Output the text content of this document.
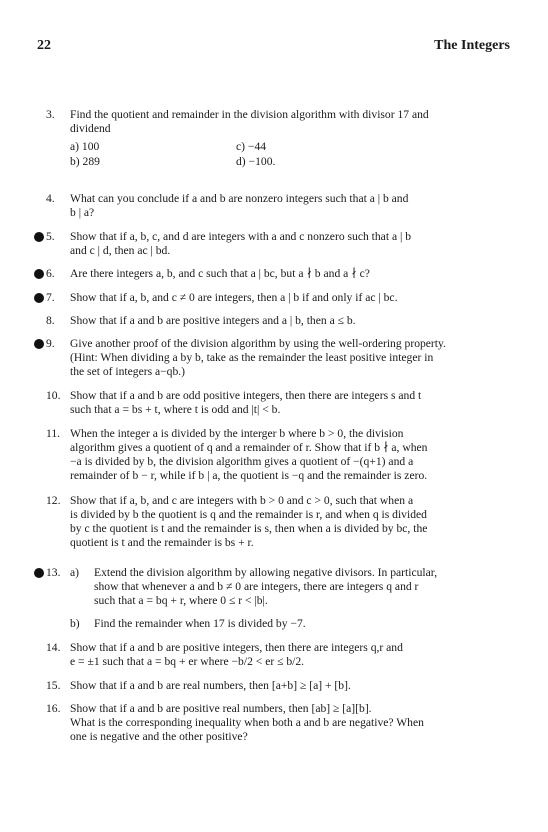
22	The Integers
3.	Find the quotient and remainder in the division algorithm with divisor 17 and
dividend
a) 100	c) −44
b) 289	d) −100.
4.	What can you conclude if a and b are nonzero integers such that a | b and
b | a?
5.	Show that if a, b, c, and d are integers with a and c nonzero such that a | b
and c | d, then ac | bd.
6.	Are there integers a, b, and c such that a | bc, but a ∤ b and a ∤ c?
7.	Show that if a, b, and c ≠ 0 are integers, then a | b if and only if ac | bc.
8.	Show that if a and b are positive integers and a | b, then a ≤ b.
9.	Give another proof of the division algorithm by using the well-ordering property.
(Hint: When dividing a by b, take as the remainder the least positive integer in
the set of integers a−qb.)
10. Show that if a and b are odd positive integers, then there are integers s and t
such that a = bs + t, where t is odd and |t| < b.
11. When the integer a is divided by the interger b where b > 0, the division
algorithm gives a quotient of q and a remainder of r. Show that if b ∤ a, when
−a is divided by b, the division algorithm gives a quotient of −(q+1) and a
remainder of b − r, while if b | a, the quotient is −q and the remainder is zero.
12. Show that if a, b, and c are integers with b > 0 and c > 0, such that when a
is divided by b the quotient is q and the remainder is r, and when q is divided
by c the quotient is t and the remainder is s, then when a is divided by bc, the
quotient is t and the remainder is bs + r.
13. a) Extend the division algorithm by allowing negative divisors. In particular,
show that whenever a and b ≠ 0 are integers, there are integers q and r
such that a = bq + r, where 0 ≤ r < |b|.
b) Find the remainder when 17 is divided by −7.
14. Show that if a and b are positive integers, then there are integers q,r and
e = ±1 such that a = bq + er where −b/2 < er ≤ b/2.
15. Show that if a and b are real numbers, then [a+b] ≥ [a] + [b].
16. Show that if a and b are positive real numbers, then [ab] ≥ [a][b].
What is the corresponding inequality when both a and b are negative? When
one is negative and the other positive?
